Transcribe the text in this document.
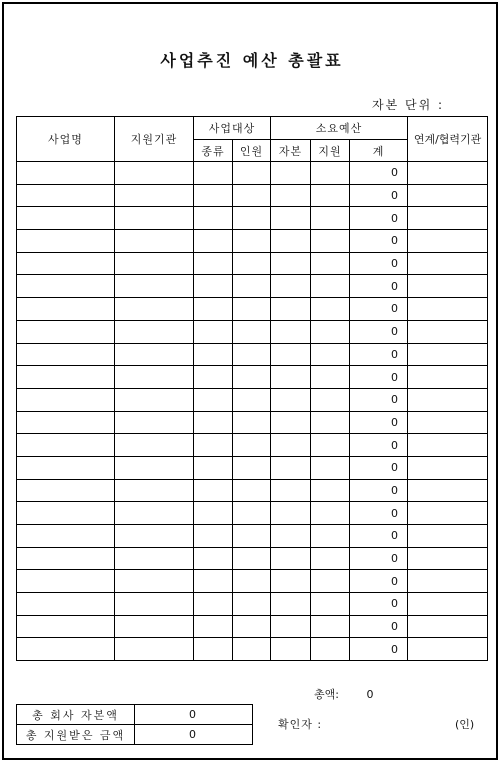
사업추진 예산 총괄표
자본 단위 :
사업명	지원기관	사업대상		소요예산			연계/협력기관
		종류	인원	자본	지원	계	
						0	
						0	
						0	
						0	
						0	
						0	
						0	
						0	
						0	
						0	
						0	
						0	
						0	
						0	
						0	
						0	
						0	
						0	
						0	
						0	
						0	
						0	
총액:	0
총 회사 자본액	0
총 지원받은 금액	0
확인자 :	(인)
